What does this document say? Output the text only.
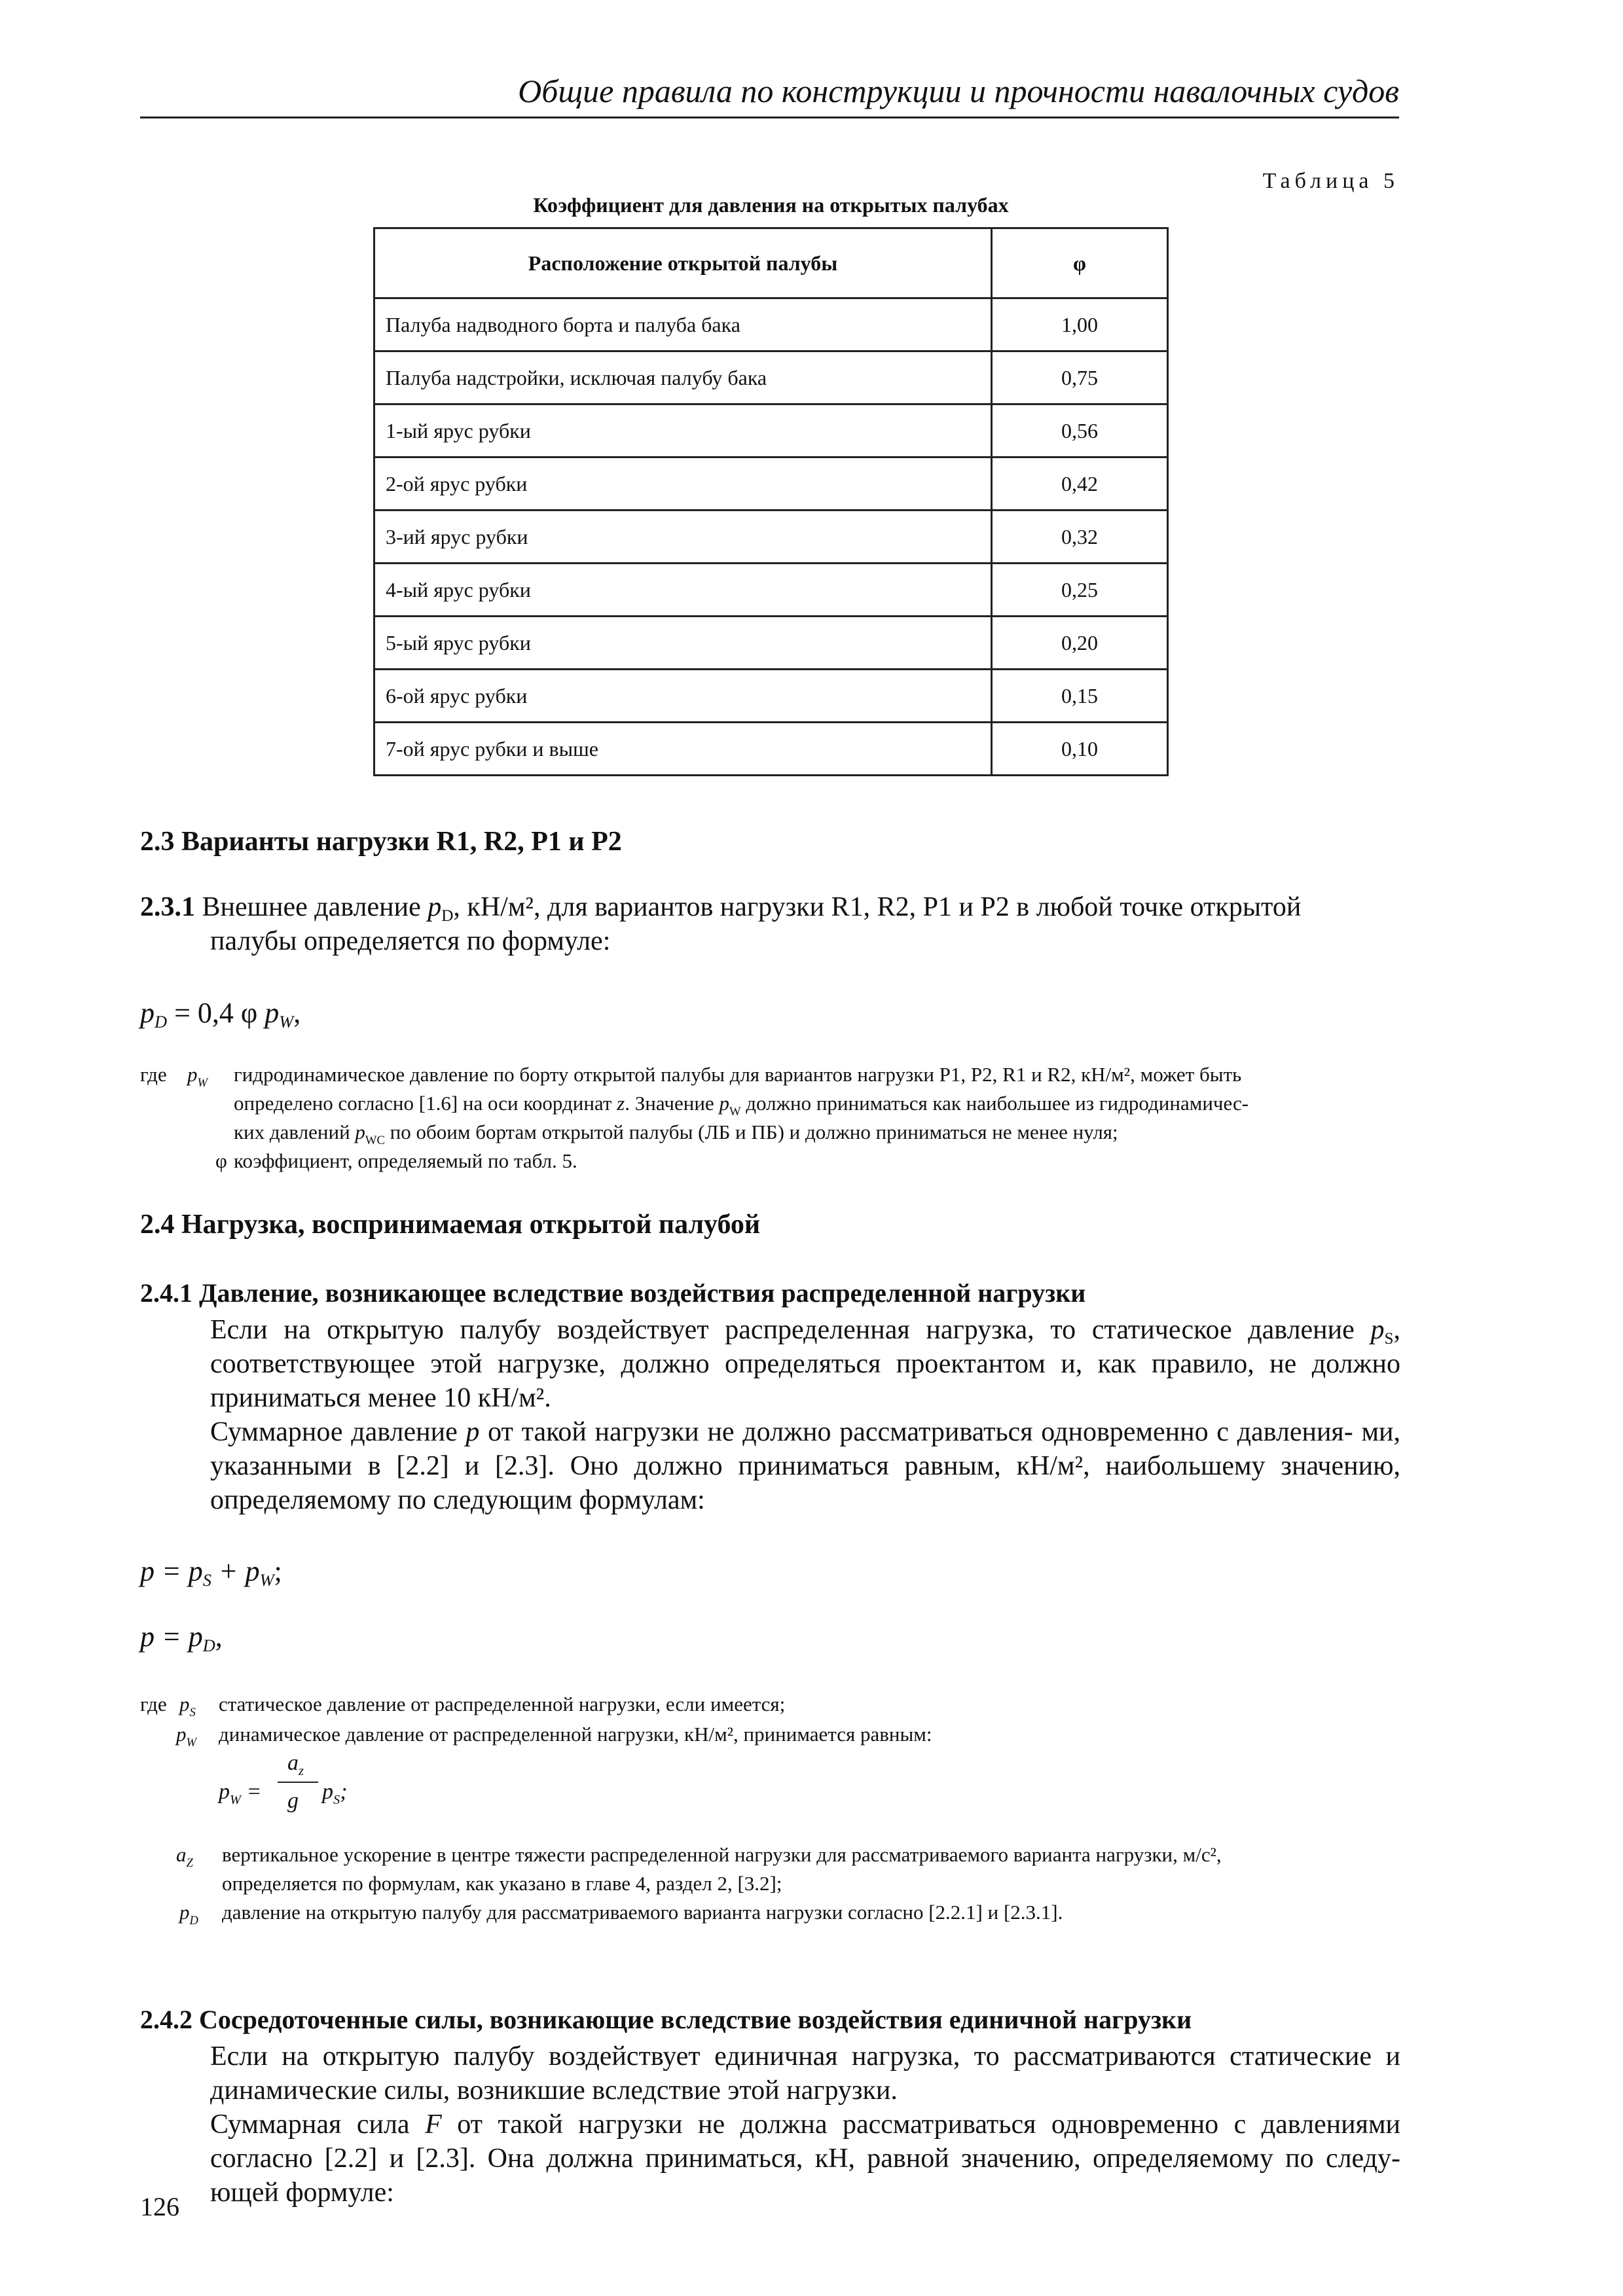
Общие правила по конструкции и прочности навалочных судов
Таблица 5
Коэффициент для давления на открытых палубах
Расположение открытой палубы	φ
Палуба надводного борта и палуба бака	1,00
Палуба надстройки, исключая палубу бака	0,75
1-ый ярус рубки	0,56
2-ой ярус рубки	0,42
3-ий ярус рубки	0,32
4-ый ярус рубки	0,25
5-ый ярус рубки	0,20
6-ой ярус рубки	0,15
7-ой ярус рубки и выше	0,10
2.3 Варианты нагрузки R1, R2, P1 и P2
2.3.1 Внешнее давление $p_D$, кН/м², для вариантов нагрузки R1, R2, P1 и P2 в любой точке открытой
палубы определяется по формуле:
$p_D = 0,4$ φ $p_W$,
где $p_W$ гидродинамическое давление по борту открытой палубы для вариантов нагрузки P1, P2, R1 и R2, кН/м², может быть
определено согласно [1.6] на оси координат z. Значение $p_W$ должно приниматься как наибольшее из гидродинамичес-
ких давлений $p_{WC}$ по обоим бортам открытой палубы (ЛБ и ПБ) и должно приниматься не менее нуля;

φ коэффициент, определяемый по табл. 5.
2.4 Нагрузка, воспринимаемая открытой палубой
2.4.1 Давление, возникающее вследствие воздействия распределенной нагрузки
Если на открытую палубу воздействует распределенная нагрузка, то статическое давление $p_S$, соответствующее этой нагрузке, должно определяться проектантом и, как правило, не должно приниматься менее 10 кН/м².
Суммарное давление p от такой нагрузки не должно рассматриваться одновременно с давления- ми, указанными в [2.2] и [2.3]. Оно должно приниматься равным, кН/м², наибольшему значению, определяемому по следующим формулам:
$p = p_S + p_W$;
$p = p_D$,
где $p_S$ статическое давление от распределенной нагрузки, если имеется;
$p_W$ динамическое давление от распределенной нагрузки, кН/м², принимается равным:
$p_W$ =
$a_z$
g $p_S$;
$a_Z$ вертикальное ускорение в центре тяжести распределенной нагрузки для рассматриваемого варианта нагрузки, м/с²,
определяется по формулам, как указано в главе 4, раздел 2, [3.2];
$p_D$ давление на открытую палубу для рассматриваемого варианта нагрузки согласно [2.2.1] и [2.3.1].
2.4.2 Сосредоточенные силы, возникающие вследствие воздействия единичной нагрузки
Если на открытую палубу воздействует единичная нагрузка, то рассматриваются статические и динамические силы, возникшие вследствие этой нагрузки.
Суммарная сила F от такой нагрузки не должна рассматриваться одновременно с давлениями согласно [2.2] и [2.3]. Она должна приниматься, кН, равной значению, определяемому по следу- ющей формуле:
126
